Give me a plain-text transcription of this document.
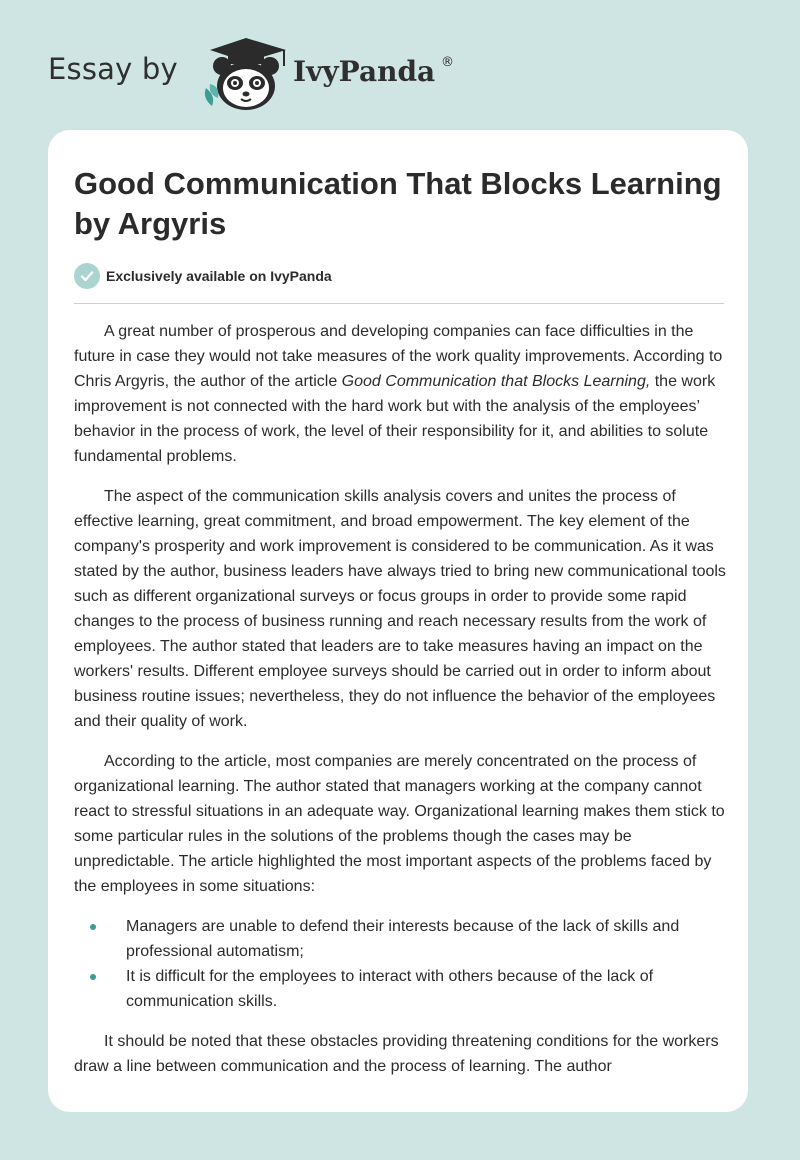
Essay by	IvyPanda ®
Good Communication That Blocks Learning by Argyris
Exclusively available on IvyPanda

A great number of prosperous and developing companies can face difficulties in the future in case they would not take measures of the work quality improvements. According to Chris Argyris, the author of the article Good Communication that Blocks Learning, the work improvement is not connected with the hard work but with the analysis of the employees’ behavior in the process of work, the level of their responsibility for it, and abilities to solute fundamental problems.

The aspect of the communication skills analysis covers and unites the process of effective learning, great commitment, and broad empowerment. The key element of the company's prosperity and work improvement is considered to be communication. As it was stated by the author, business leaders have always tried to bring new communicational tools such as different organizational surveys or focus groups in order to provide some rapid changes to the process of business running and reach necessary results from the work of employees. The author stated that leaders are to take measures having an impact on the workers' results. Different employee surveys should be carried out in order to inform about business routine issues; nevertheless, they do not influence the behavior of the employees and their quality of work.

According to the article, most companies are merely concentrated on the process of organizational learning. The author stated that managers working at the company cannot react to stressful situations in an adequate way. Organizational learning makes them stick to some particular rules in the solutions of the problems though the cases may be unpredictable. The article highlighted the most important aspects of the problems faced by the employees in some situations:

Managers are unable to defend their interests because of the lack of skills and professional automatism;
It is difficult for the employees to interact with others because of the lack of communication skills.

It should be noted that these obstacles providing threatening conditions for the workers draw a line between communication and the process of learning. The author
